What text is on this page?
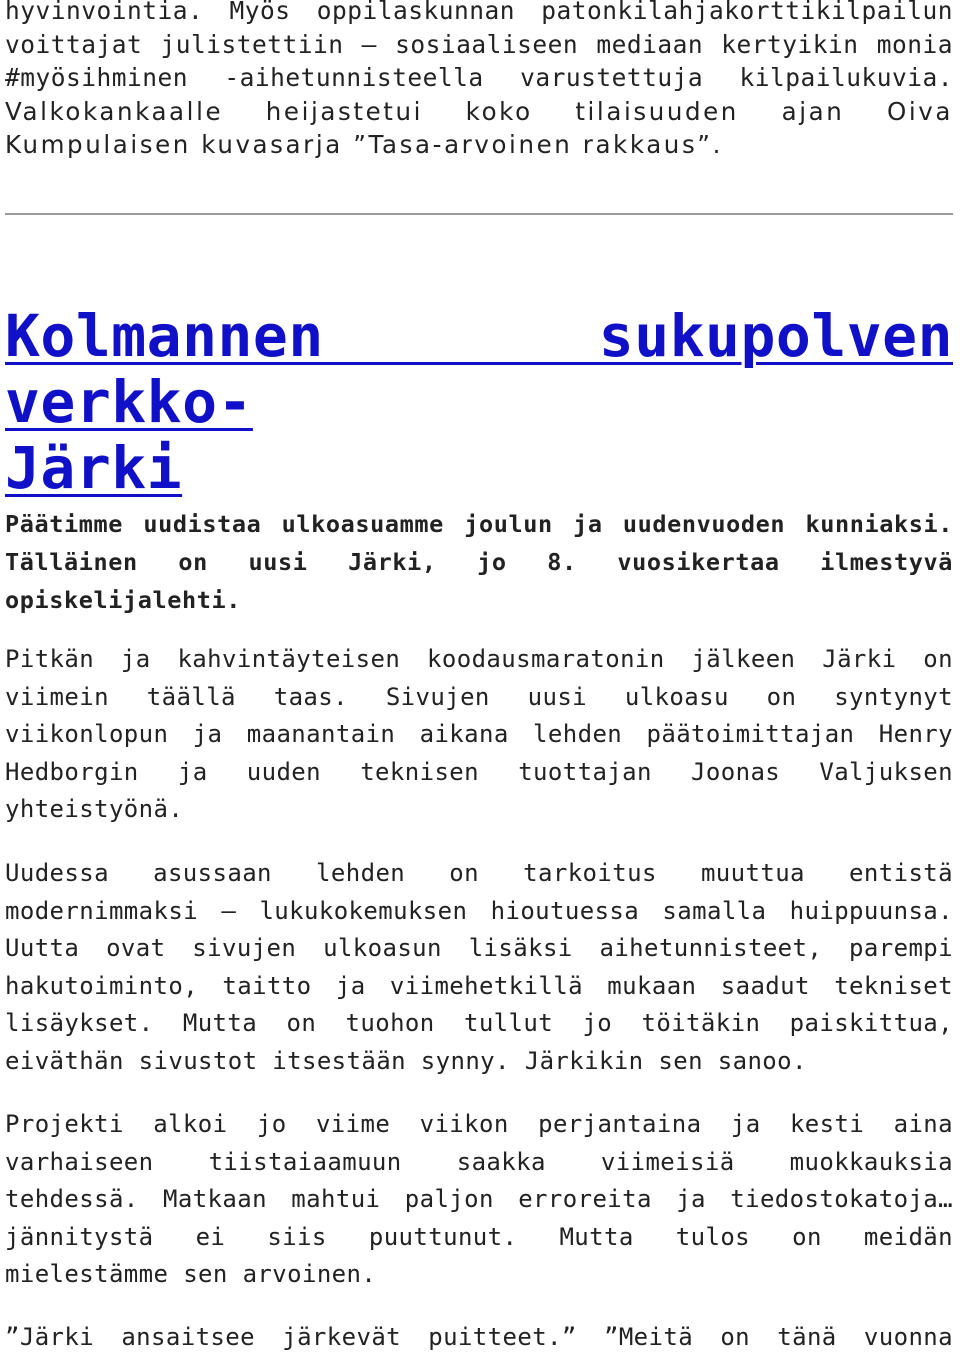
hyvinvointia. Myös oppilaskunnan patonkilahjakorttikilpailun
voittajat julistettiin – sosiaaliseen mediaan kertyikin monia
#myösihminen -aihetunnisteella varustettuja kilpailukuvia.
Valkokankaalle heijastetui koko tilaisuuden ajan Oiva
Kumpulaisen kuvasarja ”Tasa-arvoinen rakkaus”.
Kolmannen sukupolven verkko-
Järki
Päätimme uudistaa ulkoasuamme joulun ja uudenvuoden kunniaksi.
Tälläinen on uusi Järki, jo 8. vuosikertaa ilmestyvä
opiskelijalehti.
Pitkän ja kahvintäyteisen koodausmaratonin jälkeen Järki on
viimein täällä taas. Sivujen uusi ulkoasu on syntynyt
viikonlopun ja maanantain aikana lehden päätoimittajan Henry
Hedborgin ja uuden teknisen tuottajan Joonas Valjuksen
yhteistyönä.
Uudessa asussaan lehden on tarkoitus muuttua entistä
modernimmaksi – lukukokemuksen hioutuessa samalla huippuunsa.
Uutta ovat sivujen ulkoasun lisäksi aihetunnisteet, parempi
hakutoiminto, taitto ja viimehetkillä mukaan saadut tekniset
lisäykset. Mutta on tuohon tullut jo töitäkin paiskittua,
eiväthän sivustot itsestään synny. Järkikin sen sanoo.
Projekti alkoi jo viime viikon perjantaina ja kesti aina
varhaiseen tiistaiaamuun saakka viimeisiä muokkauksia
tehdessä. Matkaan mahtui paljon erroreita ja tiedostokatoja…
jännitystä ei siis puuttunut. Mutta tulos on meidän
mielestämme sen arvoinen.
”Järki ansaitsee järkevät puitteet.” ”Meitä on tänä vuonna
